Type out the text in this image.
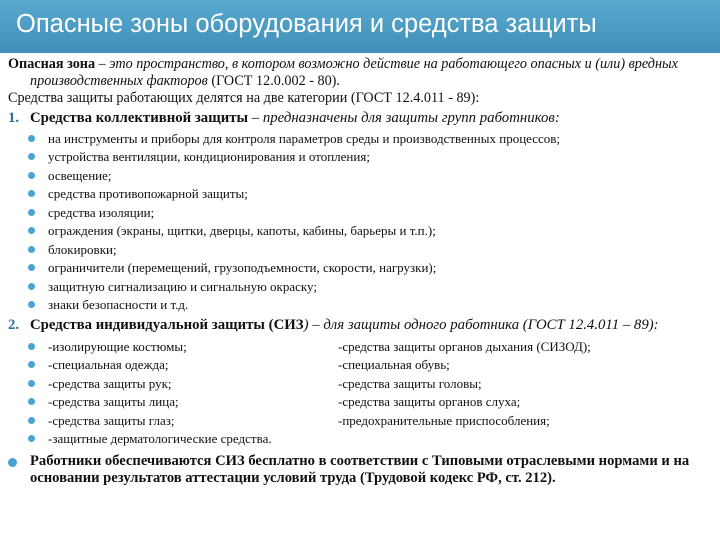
Опасные зоны оборудования и средства защиты

Опасная зона – это пространство, в котором возможно действие на работающего опасных и (или) вредных производственных факторов (ГОСТ 12.0.002 - 80).

Средства защиты работающих делятся на две категории (ГОСТ 12.4.011 - 89):

1. Средства коллективной защиты – предназначены для защиты групп работников:
на инструменты и приборы для контроля параметров среды и производственных процессов;
устройства вентиляции, кондиционирования и отопления;
освещение;
средства противопожарной защиты;
средства изоляции;
ограждения (экраны, щитки, дверцы, капоты, кабины, барьеры и т.п.);
блокировки;
ограничители (перемещений, грузоподъемности, скорости, нагрузки);
защитную сигнализацию и сигнальную окраску;
знаки безопасности и т.д.
2. Средства индивидуальной защиты (СИЗ) – для защиты одного работника (ГОСТ 12.4.011 – 89):
-изолирующие костюмы;	-средства защиты органов дыхания (СИЗОД);
-специальная одежда;	-специальная обувь;
-средства защиты рук;	-средства защиты головы;
-средства защиты лица;	-средства защиты органов слуха;
-средства защиты глаз;	-предохранительные приспособления;
-защитные дерматологические средства.
Работники обеспечиваются СИЗ бесплатно в соответствии с Типовыми отраслевыми нормами и на основании результатов аттестации условий труда (Трудовой кодекс РФ, ст. 212).
